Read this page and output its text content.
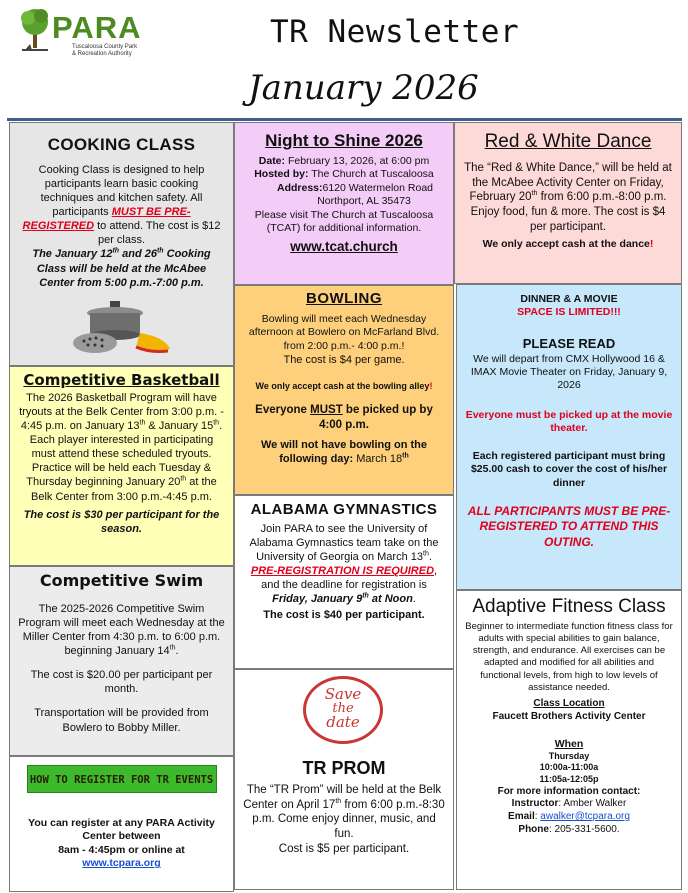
PARA
Tuscaloosa County Park
& Recreation Authority
TR Newsletter
January 2026
COOKING CLASS

Cooking Class is designed to help participants learn basic cooking techniques and kitchen safety. All participants MUST BE PRE-REGISTERED to attend. The cost is $12 per class.

The January 12th and 26th Cooking Class will be held at the McAbee Center from 5:00 p.m.-7:00 p.m.

Night to Shine 2026

Date: February 13, 2026, at 6:00 pm

Hosted by: The Church at Tuscaloosa

Address:6120 Watermelon Road

Northport, AL 35473

Please visit The Church at Tuscaloosa (TCAT) for additional information.

www.tcat.church

Red & White Dance

The “Red & White Dance,” will be held at the McAbee Activity Center on Friday, February 20th from 6:00 p.m.-8:00 p.m. Enjoy food, fun & more. The cost is $4 per participant.

We only accept cash at the dance!

Competitive Basketball

The 2026 Basketball Program will have tryouts at the Belk Center from 3:00 p.m. - 4:45 p.m. on January 13th & January 15th. Each player interested in participating must attend these scheduled tryouts. Practice will be held each Tuesday & Thursday beginning January 20th at the Belk Center from 3:00 p.m.-4:45 p.m.

The cost is $30 per participant for the season.

BOWLING

Bowling will meet each Wednesday afternoon at Bowlero on McFarland Blvd. from 2:00 p.m.- 4:00 p.m.!

The cost is $4 per game.

We only accept cash at the bowling alley!

Everyone MUST be picked up by 4:00 p.m.

We will not have bowling on the following day: March 18th

DINNER & A MOVIE

SPACE IS LIMITED!!!

PLEASE READ

We will depart from CMX Hollywood 16 & IMAX Movie Theater on Friday, January 9, 2026

Everyone must be picked up at the movie theater.

Each registered participant must bring $25.00 cash to cover the cost of his/her dinner

ALL PARTICIPANTS MUST BE PRE-REGISTERED TO ATTEND THIS OUTING.

Competitive Swim

The 2025-2026 Competitive Swim Program will meet each Wednesday at the Miller Center from 4:30 p.m. to 6:00 p.m. beginning January 14th.

The cost is $20.00 per participant per month.

Transportation will be provided from Bowlero to Bobby Miller.

ALABAMA GYMNASTICS

Join PARA to see the University of Alabama Gymnastics team take on the University of Georgia on March 13th. PRE-REGISTRATION IS REQUIRED, and the deadline for registration is

Friday, January 9th at Noon.

The cost is $40 per participant.	Adaptive Fitness Class

Beginner to intermediate function fitness class for adults with special abilities to gain balance, strength, and endurance. All exercises can be adapted and modified for all abilities and functional levels, from high to low levels of assistance needed.

Class Location

Faucett Brothers Activity Center

When

Thursday

10:00a-11:00a

11:05a-12:05p

For more information contact:

Instructor: Amber Walker

Email: awalker@tcpara.org

Phone: 205-331-5600.

HOW TO REGISTER FOR TR EVENTS

You can register at any PARA Activity Center between

8am - 4:45pm or online at

www.tcpara.org

Save
the
date
TR PROM

The “TR Prom” will be held at the Belk Center on April 17th from 6:00 p.m.-8:30 p.m. Come enjoy dinner, music, and fun.

Cost is $5 per participant.
